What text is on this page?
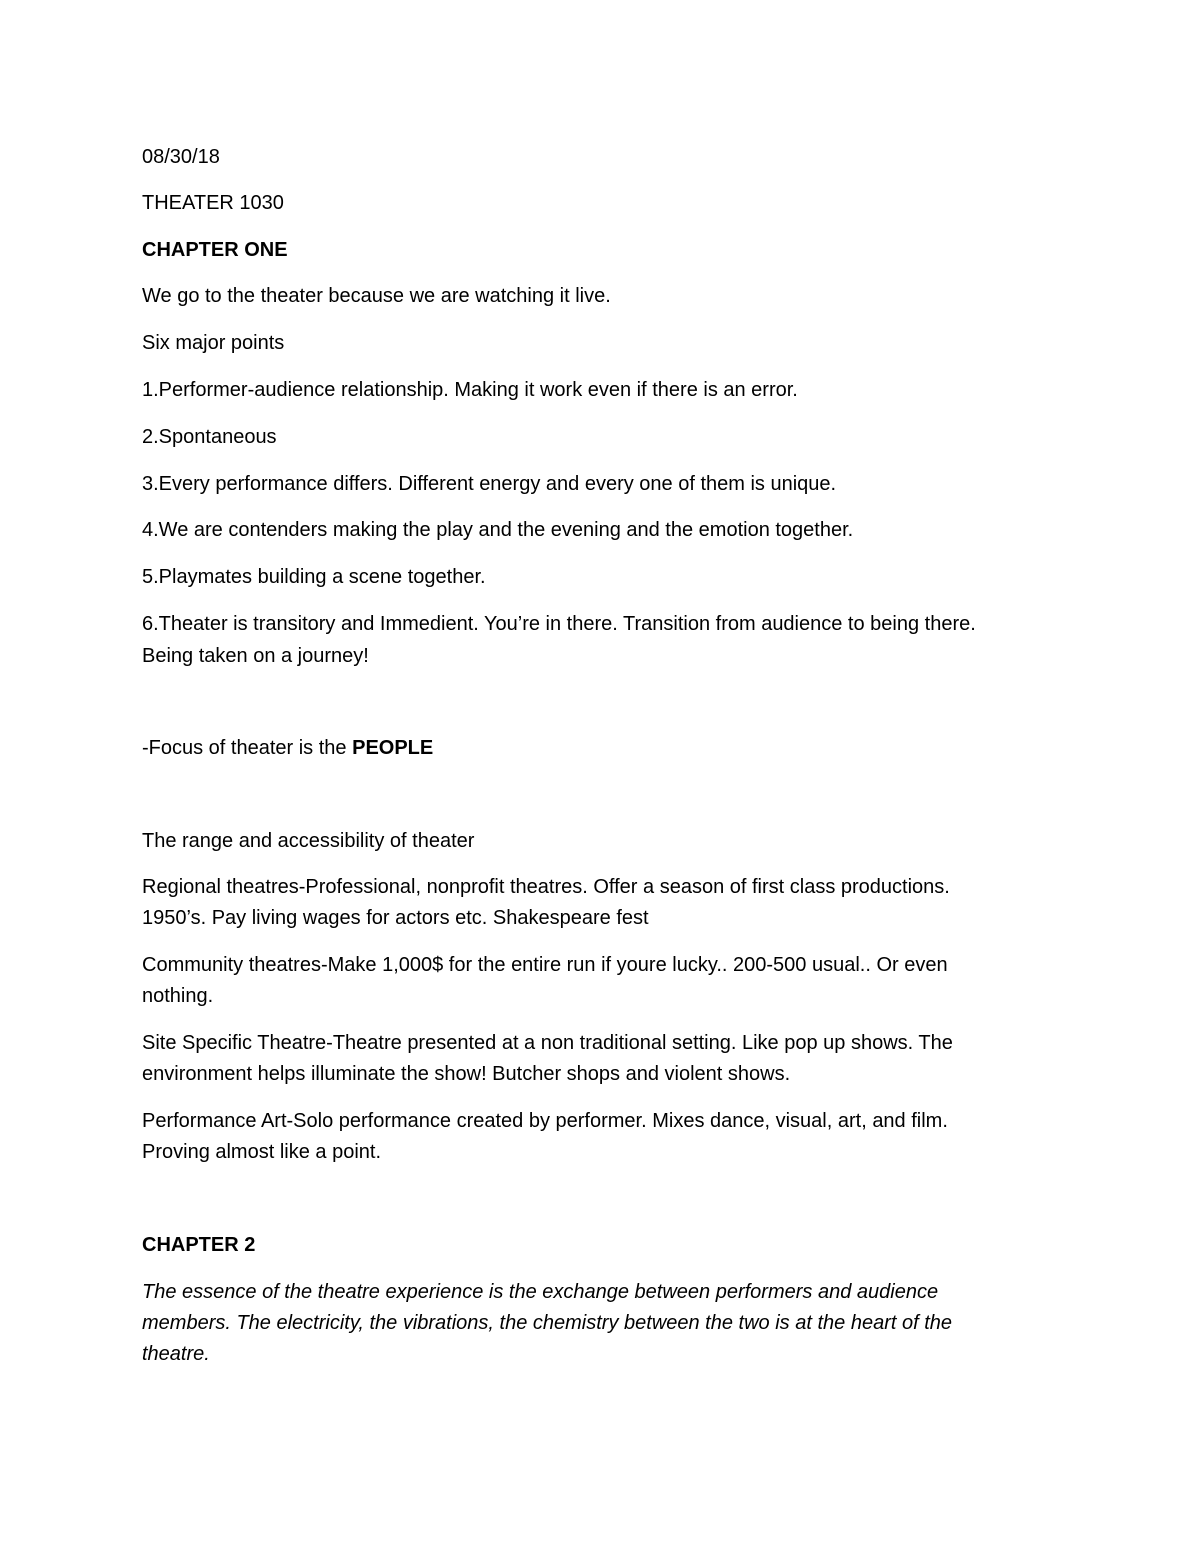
08/30/18
THEATER 1030
CHAPTER ONE
We go to the theater because we are watching it live.
Six major points
1.Performer-audience relationship. Making it work even if there is an error.
2.Spontaneous
3.Every performance differs. Different energy and every one of them is unique.
4.We are contenders making the play and the evening and the emotion together.
5.Playmates building a scene together.
6.Theater is transitory and Immedient. You’re in there. Transition from audience to being there.
Being taken on a journey!
-Focus of theater is the PEOPLE
The range and accessibility of theater
Regional theatres-Professional, nonprofit theatres. Offer a season of first class productions.
1950’s. Pay living wages for actors etc. Shakespeare fest
Community theatres-Make 1,000$ for the entire run if youre lucky.. 200-500 usual.. Or even
nothing.
Site Specific Theatre-Theatre presented at a non traditional setting. Like pop up shows. The
environment helps illuminate the show! Butcher shops and violent shows.
Performance Art-Solo performance created by performer. Mixes dance, visual, art, and film.
Proving almost like a point.
CHAPTER 2
The essence of the theatre experience is the exchange between performers and audience
members. The electricity, the vibrations, the chemistry between the two is at the heart of the
theatre.
